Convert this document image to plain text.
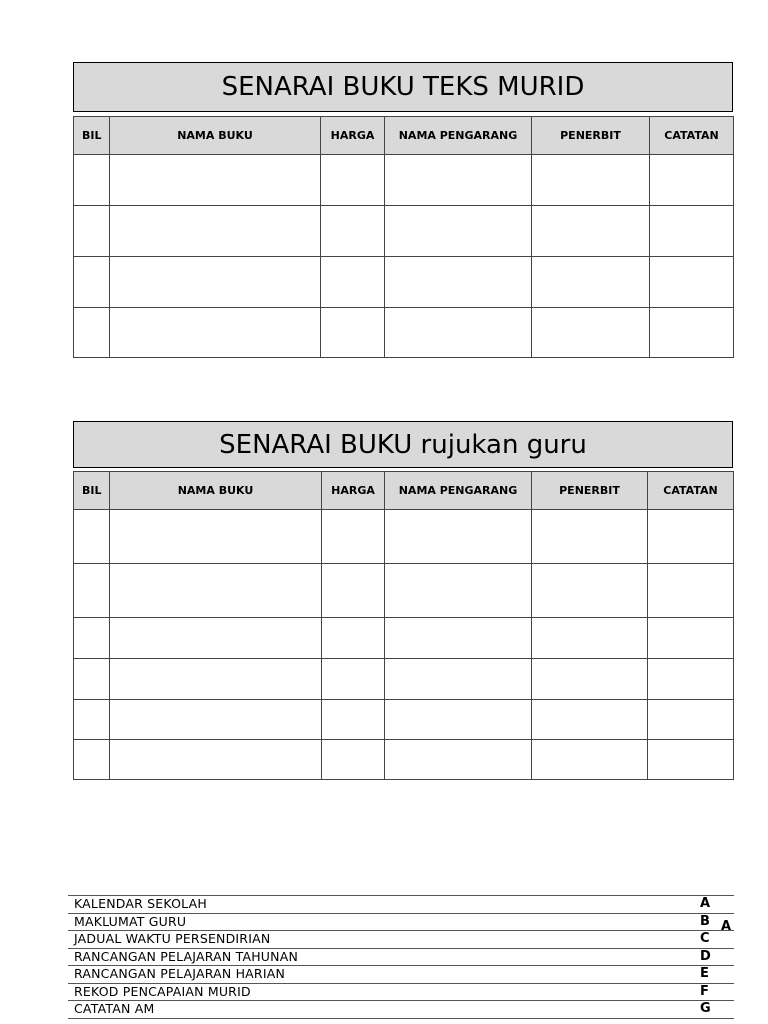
SENARAI BUKU TEKS MURID
BIL	NAMA BUKU	HARGA	NAMA PENGARANG	PENERBIT	CATATAN

SENARAI BUKU rujukan guru
BIL	NAMA BUKU	HARGA	NAMA PENGARANG	PENERBIT	CATATAN

KALENDAR SEKOLAH	A
MAKLUMAT GURU	B
JADUAL WAKTU PERSENDIRIAN	C
RANCANGAN PELAJARAN TAHUNAN	D
RANCANGAN PELAJARAN HARIAN	E
REKOD PENCAPAIAN MURID	F
CATATAN AM	G
A
